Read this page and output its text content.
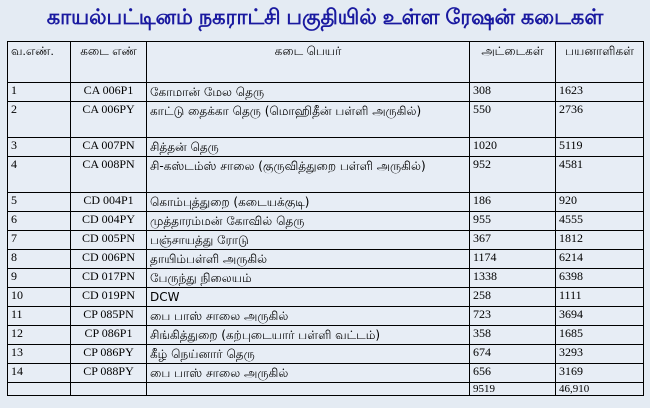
காயல்பட்டினம் நகராட்சி பகுதியில் உள்ள ரேஷன் கடைகள்
வ.எண்.	கடை எண்	கடை பெயர்	அட்டைகள்	பயனாளிகள்
1	CA 006P1	கோமான் மேல தெரு	308	1623
2	CA 006PY	காட்டு தைக்கா தெரு (மொஹிதீன் பள்ளி அருகில்)	550	2736
3	CA 007PN	சித்தன் தெரு	1020	5119
4	CA 008PN	சி-கஸ்டம்ஸ் சாலை (குருவித்துறை பள்ளி அருகில்)	952	4581
5	CD 004P1	கொம்புத்துறை (கடையக்குடி)	186	920
6	CD 004PY	முத்தாரம்மன் கோவில் தெரு	955	4555
7	CD 005PN	பஞ்சாயத்து ரோடு	367	1812
8	CD 006PN	தாயிம்பள்ளி அருகில்	1174	6214
9	CD 017PN	பேருந்து நிலையம்	1338	6398
10	CD 019PN	DCW	258	1111
11	CP 085PN	பை பாஸ் சாலை அருகில்	723	3694
12	CP 086P1	சிங்கித்துறை (கற்புடையார் பள்ளி வட்டம்)	358	1685
13	CP 086PY	கீழ் நெய்னார் தெரு	674	3293
14	CP 088PY	பை பாஸ் சாலை அருகில்	656	3169
			9519	46,910
